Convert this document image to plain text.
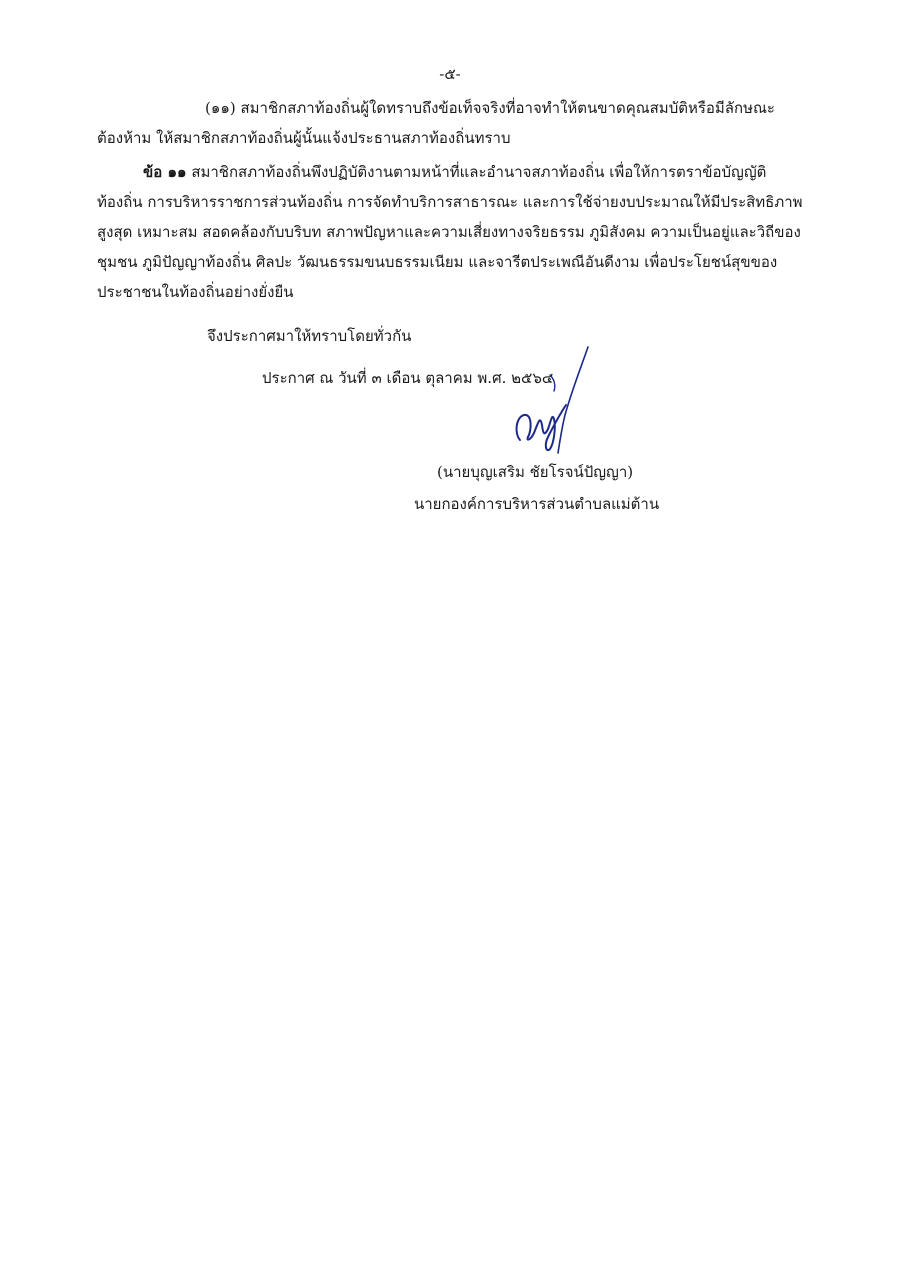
-๕-
(๑๑) สมาชิกสภาท้องถิ่นผู้ใดทราบถึงข้อเท็จจริงที่อาจทำให้ตนขาดคุณสมบัติหรือมีลักษณะ
ต้องห้าม ให้สมาชิกสภาท้องถิ่นผู้นั้นแจ้งประธานสภาท้องถิ่นทราบ
ข้อ ๑๑ สมาชิกสภาท้องถิ่นพึงปฏิบัติงานตามหน้าที่และอำนาจสภาท้องถิ่น เพื่อให้การตราข้อบัญญัติ
ท้องถิ่น การบริหารราชการส่วนท้องถิ่น การจัดทำบริการสาธารณะ และการใช้จ่ายงบประมาณให้มีประสิทธิภาพ
สูงสุด เหมาะสม สอดคล้องกับบริบท สภาพปัญหาและความเสี่ยงทางจริยธรรม ภูมิสังคม ความเป็นอยู่และวิถีของ
ชุมชน ภูมิปัญญาท้องถิ่น ศิลปะ วัฒนธรรมขนบธรรมเนียม และจารีตประเพณีอันดีงาม เพื่อประโยชน์สุขของ
ประชาชนในท้องถิ่นอย่างยั่งยืน
จึงประกาศมาให้ทราบโดยทั่วกัน
ประกาศ ณ วันที่ ๓ เดือน ตุลาคม พ.ศ. ๒๕๖๔
(นายบุญเสริม ชัยโรจน์ปัญญา)
นายกองค์การบริหารส่วนตำบลแม่ต้าน
